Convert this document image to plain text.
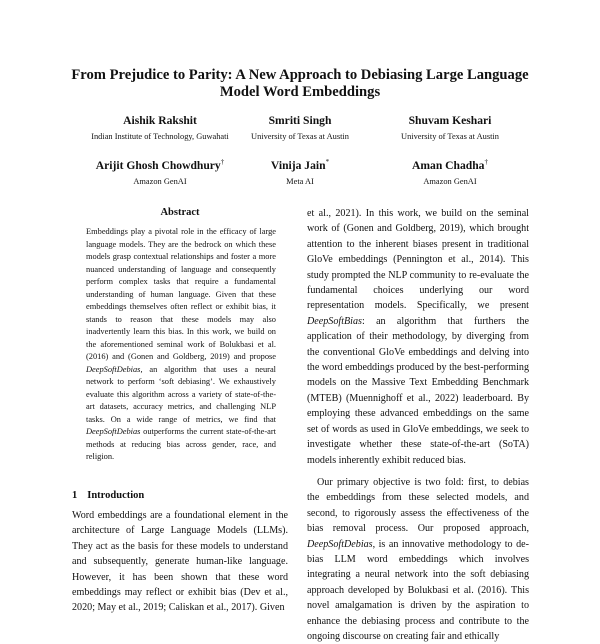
From Prejudice to Parity: A New Approach to Debiasing Large Language
Model Word Embeddings
Aishik Rakshit
Indian Institute of Technology, Guwahati
Smriti Singh
University of Texas at Austin
Shuvam Keshari
University of Texas at Austin
Arijit Ghosh Chowdhury†
Amazon GenAI
Vinija Jain*
Meta AI
Aman Chadha†
Amazon GenAI
Abstract

Embeddings play a pivotal role in the efficacy of large language models. They are the bedrock on which these models grasp contextual relationships and foster a more nuanced understanding of language and consequently perform complex tasks that require a fundamental understanding of human language. Given that these embeddings themselves often reflect or exhibit bias, it stands to reason that these models may also inadvertently learn this bias. In this work, we build on the aforementioned seminal work of Bolukbasi et al. (2016) and (Gonen and Goldberg, 2019) and propose DeepSoftDebias, an algorithm that uses a neural network to perform ‘soft debiasing’. We exhaustively evaluate this algorithm across a variety of state-of-the-art datasets, accuracy metrics, and challenging NLP tasks. On a wide range of metrics, we find that DeepSoftDebias outperforms the current state-of-the-art methods at reducing bias across gender, race, and religion.

1 Introduction

Word embeddings are a foundational element in the architecture of Large Language Models (LLMs). They act as the basis for these models to understand and subsequently, generate human-like language. However, it has been shown that these word embeddings may reflect or exhibit bias (Dev et al., 2020; May et al., 2019; Caliskan et al., 2017). Given

et al., 2021). In this work, we build on the seminal work of (Gonen and Goldberg, 2019), which brought attention to the inherent biases present in traditional GloVe embeddings (Pennington et al., 2014). This study prompted the NLP community to re-evaluate the fundamental choices underlying our word representation models. Specifically, we present DeepSoftBias: an algorithm that furthers the application of their methodology, by diverging from the conventional GloVe embeddings and delving into the word embeddings produced by the best-performing models on the Massive Text Embedding Benchmark (MTEB) (Muennighoff et al., 2022) leaderboard. By employing these advanced embeddings on the same set of words as used in GloVe embeddings, we seek to investigate whether these state-of-the-art (SoTA) models inherently exhibit reduced bias.

Our primary objective is two fold: first, to debias the embeddings from these selected models, and second, to rigorously assess the effectiveness of the bias removal process. Our proposed approach, DeepSoftDebias, is an innovative methodology to de-bias LLM word embeddings which involves integrating a neural network into the soft debiasing approach developed by Bolukbasi et al. (2016). This novel amalgamation is driven by the aspiration to enhance the debiasing process and contribute to the ongoing discourse on creating fair and ethically
